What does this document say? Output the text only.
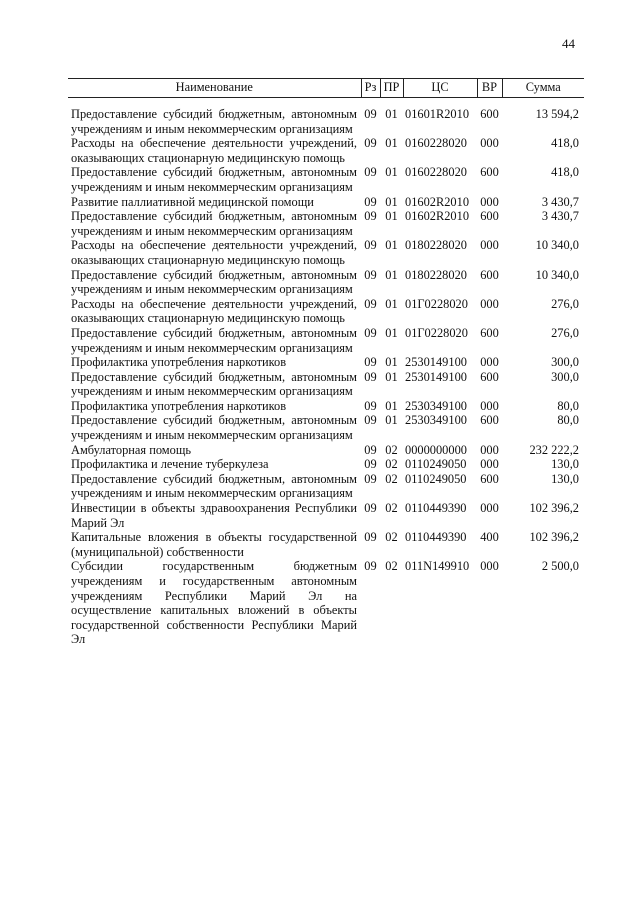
44
Наименование	Рз	ПР	ЦС	ВР	Сумма
Предоставление субсидий бюджетным, автономным учреждениям и иным некоммерческим организациям	09	01	01601R2010	600	13 594,2
Расходы на обеспечение деятельности учреждений, оказывающих стационарную медицинскую помощь	09	01	0160228020	000	418,0
Предоставление субсидий бюджетным, автономным учреждениям и иным некоммерческим организациям	09	01	0160228020	600	418,0
Развитие паллиативной медицинской помощи	09	01	01602R2010	000	3 430,7
Предоставление субсидий бюджетным, автономным учреждениям и иным некоммерческим организациям	09	01	01602R2010	600	3 430,7
Расходы на обеспечение деятельности учреждений, оказывающих стационарную медицинскую помощь	09	01	0180228020	000	10 340,0
Предоставление субсидий бюджетным, автономным учреждениям и иным некоммерческим организациям	09	01	0180228020	600	10 340,0
Расходы на обеспечение деятельности учреждений, оказывающих стационарную медицинскую помощь	09	01	01Г0228020	000	276,0
Предоставление субсидий бюджетным, автономным учреждениям и иным некоммерческим организациям	09	01	01Г0228020	600	276,0
Профилактика употребления наркотиков	09	01	2530149100	000	300,0
Предоставление субсидий бюджетным, автономным учреждениям и иным некоммерческим организациям	09	01	2530149100	600	300,0
Профилактика употребления наркотиков	09	01	2530349100	000	80,0
Предоставление субсидий бюджетным, автономным учреждениям и иным некоммерческим организациям	09	01	2530349100	600	80,0
Амбулаторная помощь	09	02	0000000000	000	232 222,2
Профилактика и лечение туберкулеза	09	02	0110249050	000	130,0
Предоставление субсидий бюджетным, автономным учреждениям и иным некоммерческим организациям	09	02	0110249050	600	130,0
Инвестиции в объекты здравоохранения Республики Марий Эл	09	02	0110449390	000	102 396,2
Капитальные вложения в объекты государственной (муниципальной) собственности	09	02	0110449390	400	102 396,2
Субсидии государственным бюджетным учреждениям и государственным автономным учреждениям Республики Марий Эл на осуществление капитальных вложений в объекты государственной собственности Республики Марий Эл	09	02	011N149910	000	2 500,0
